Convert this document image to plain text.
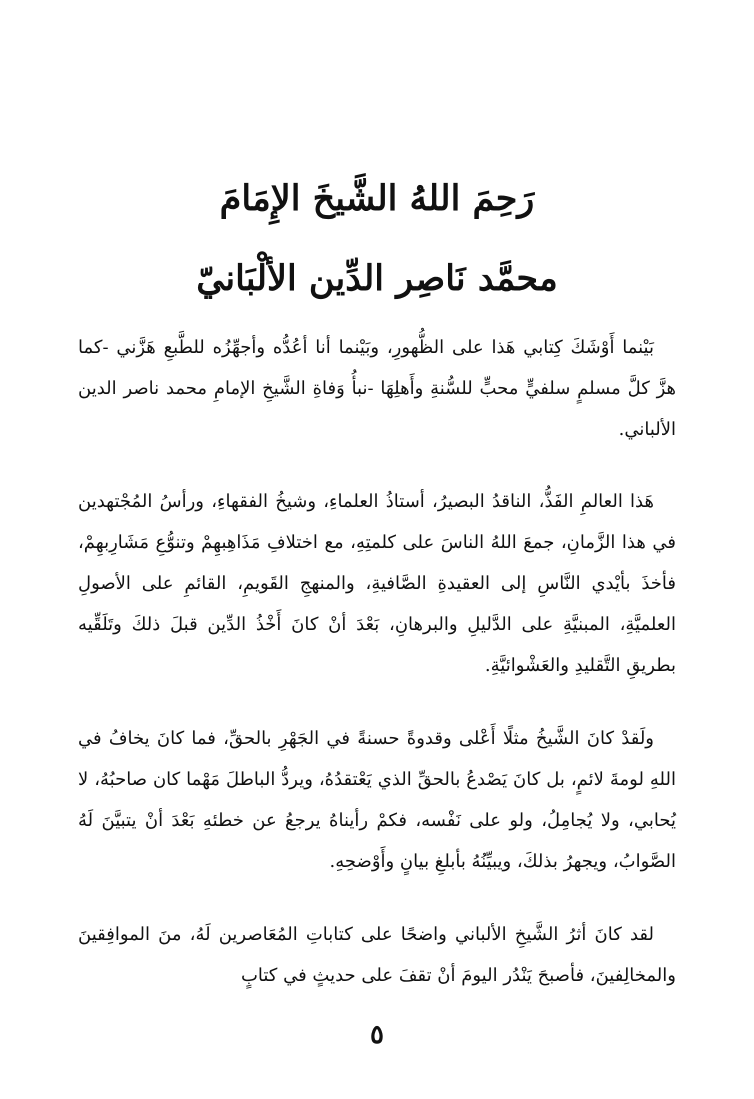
رَحِمَ اللهُ الشَّيخَ الإِمَامَ
محمَّد نَاصِر الدِّين الألْبَانيّ

بَيْنما أَوْشَكَ كِتابي هَذا على الظُّهورِ، وبَيْنما أنا أعُدُّه وأجهِّزُه للطَّبعِ هَزَّني -كما هزَّ كلَّ مسلمٍ سلفيٍّ محبٍّ للسُّنةِ وأَهلِهَا -نبأُ وَفاةِ الشَّيخِ الإمامِ محمد ناصر الدين الألباني.

هَذا العالمِ الفَذُّ، الناقدُ البصيرُ، أستاذُ العلماءِ، وشيخُ الفقهاءِ، ورأسُ المُجْتهدين في هذا الزَّمانِ، جمعَ اللهُ الناسَ على كلمتِهِ، مع اختلافِ مَذَاهِبهِمْ وتنوُّعِ مَشَارِبهِمْ، فأخذَ بأيْدي النَّاسِ إلى العقيدةِ الصَّافيةِ، والمنهجِ القَويمِ، القائمِ على الأصولِ العلميَّةِ، المبنيَّةِ على الدَّليلِ والبرهانِ، بَعْدَ أنْ كانَ أَخْذُ الدِّين قبلَ ذلكَ وتَلَقِّيه بطريقِ التَّقليدِ والعَشْوائيَّةِ.

ولَقدْ كانَ الشَّيخُ مثلًا أَعْلى وقدوةً حسنةً في الجَهْرِ بالحقِّ، فما كانَ يخافُ في اللهِ لومةَ لائمٍ، بل كانَ يَصْدعُ بالحقِّ الذي يَعْتقدُهُ، ويردُّ الباطلَ مَهْما كان صاحبُهُ، لا يُحابي، ولا يُجامِلُ، ولو على نَفْسه، فكمْ رأيناهُ يرجعُ عن خطئهِ بَعْدَ أنْ يتبيَّنَ لَهُ الصَّوابُ، ويجهرُ بذلكَ، ويبيِّنُهُ بأبلغِ بيانٍ وأَوْضحِهِ.

لقد كانَ أثرُ الشَّيخِ الألباني واضحًا على كتاباتِ المُعَاصرين لَهُ، منَ الموافِقينَ والمخالِفينَ، فأصبحَ يَنْدُر اليومَ أنْ تقفَ على حديثٍ في كتابٍ

٥
